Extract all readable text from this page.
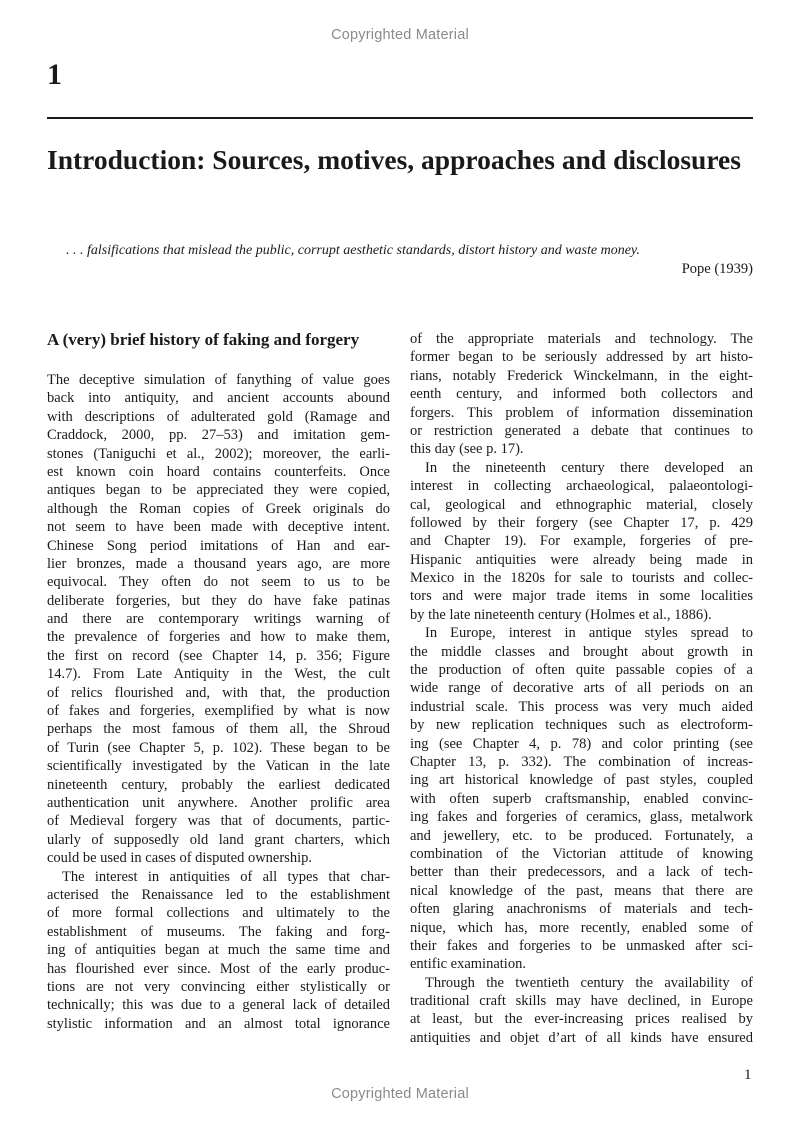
Copyrighted Material
1
Introduction: Sources, motives, approaches and disclosures

. . . falsifications that mislead the public, corrupt aesthetic standards, distort history and waste money.

Pope (1939)

A (very) brief history of faking and forgery
The deceptive simulation of fanything of value goes
back into antiquity, and ancient accounts abound
with descriptions of adulterated gold (Ramage and
Craddock, 2000, pp. 27–53) and imitation gem-
stones (Taniguchi et al., 2002); moreover, the earli-
est known coin hoard contains counterfeits. Once
antiques began to be appreciated they were copied,
although the Roman copies of Greek originals do
not seem to have been made with deceptive intent.
Chinese Song period imitations of Han and ear-
lier bronzes, made a thousand years ago, are more
equivocal. They often do not seem to us to be
deliberate forgeries, but they do have fake patinas
and there are contemporary writings warning of
the prevalence of forgeries and how to make them,
the first on record (see Chapter 14, p. 356; Figure
14.7). From Late Antiquity in the West, the cult
of relics flourished and, with that, the production
of fakes and forgeries, exemplified by what is now
perhaps the most famous of them all, the Shroud
of Turin (see Chapter 5, p. 102). These began to be
scientifically investigated by the Vatican in the late
nineteenth century, probably the earliest dedicated
authentication unit anywhere. Another prolific area
of Medieval forgery was that of documents, partic-
ularly of supposedly old land grant charters, which
could be used in cases of disputed ownership.
The interest in antiquities of all types that char-
acterised the Renaissance led to the establishment
of more formal collections and ultimately to the
establishment of museums. The faking and forg-
ing of antiquities began at much the same time and
has flourished ever since. Most of the early produc-
tions are not very convincing either stylistically or
technically; this was due to a general lack of detailed
stylistic information and an almost total ignorance
of the appropriate materials and technology. The
former began to be seriously addressed by art histo-
rians, notably Frederick Winckelmann, in the eight-
eenth century, and informed both collectors and
forgers. This problem of information dissemination
or restriction generated a debate that continues to
this day (see p. 17).
In the nineteenth century there developed an
interest in collecting archaeological, palaeontologi-
cal, geological and ethnographic material, closely
followed by their forgery (see Chapter 17, p. 429
and Chapter 19). For example, forgeries of pre-
Hispanic antiquities were already being made in
Mexico in the 1820s for sale to tourists and collec-
tors and were major trade items in some localities
by the late nineteenth century (Holmes et al., 1886).
In Europe, interest in antique styles spread to
the middle classes and brought about growth in
the production of often quite passable copies of a
wide range of decorative arts of all periods on an
industrial scale. This process was very much aided
by new replication techniques such as electroform-
ing (see Chapter 4, p. 78) and color printing (see
Chapter 13, p. 332). The combination of increas-
ing art historical knowledge of past styles, coupled
with often superb craftsmanship, enabled convinc-
ing fakes and forgeries of ceramics, glass, metalwork
and jewellery, etc. to be produced. Fortunately, a
combination of the Victorian attitude of knowing
better than their predecessors, and a lack of tech-
nical knowledge of the past, means that there are
often glaring anachronisms of materials and tech-
nique, which has, more recently, enabled some of
their fakes and forgeries to be unmasked after sci-
entific examination.
Through the twentieth century the availability of
traditional craft skills may have declined, in Europe
at least, but the ever-increasing prices realised by
antiquities and objet d’art of all kinds have ensured
1
Copyrighted Material
